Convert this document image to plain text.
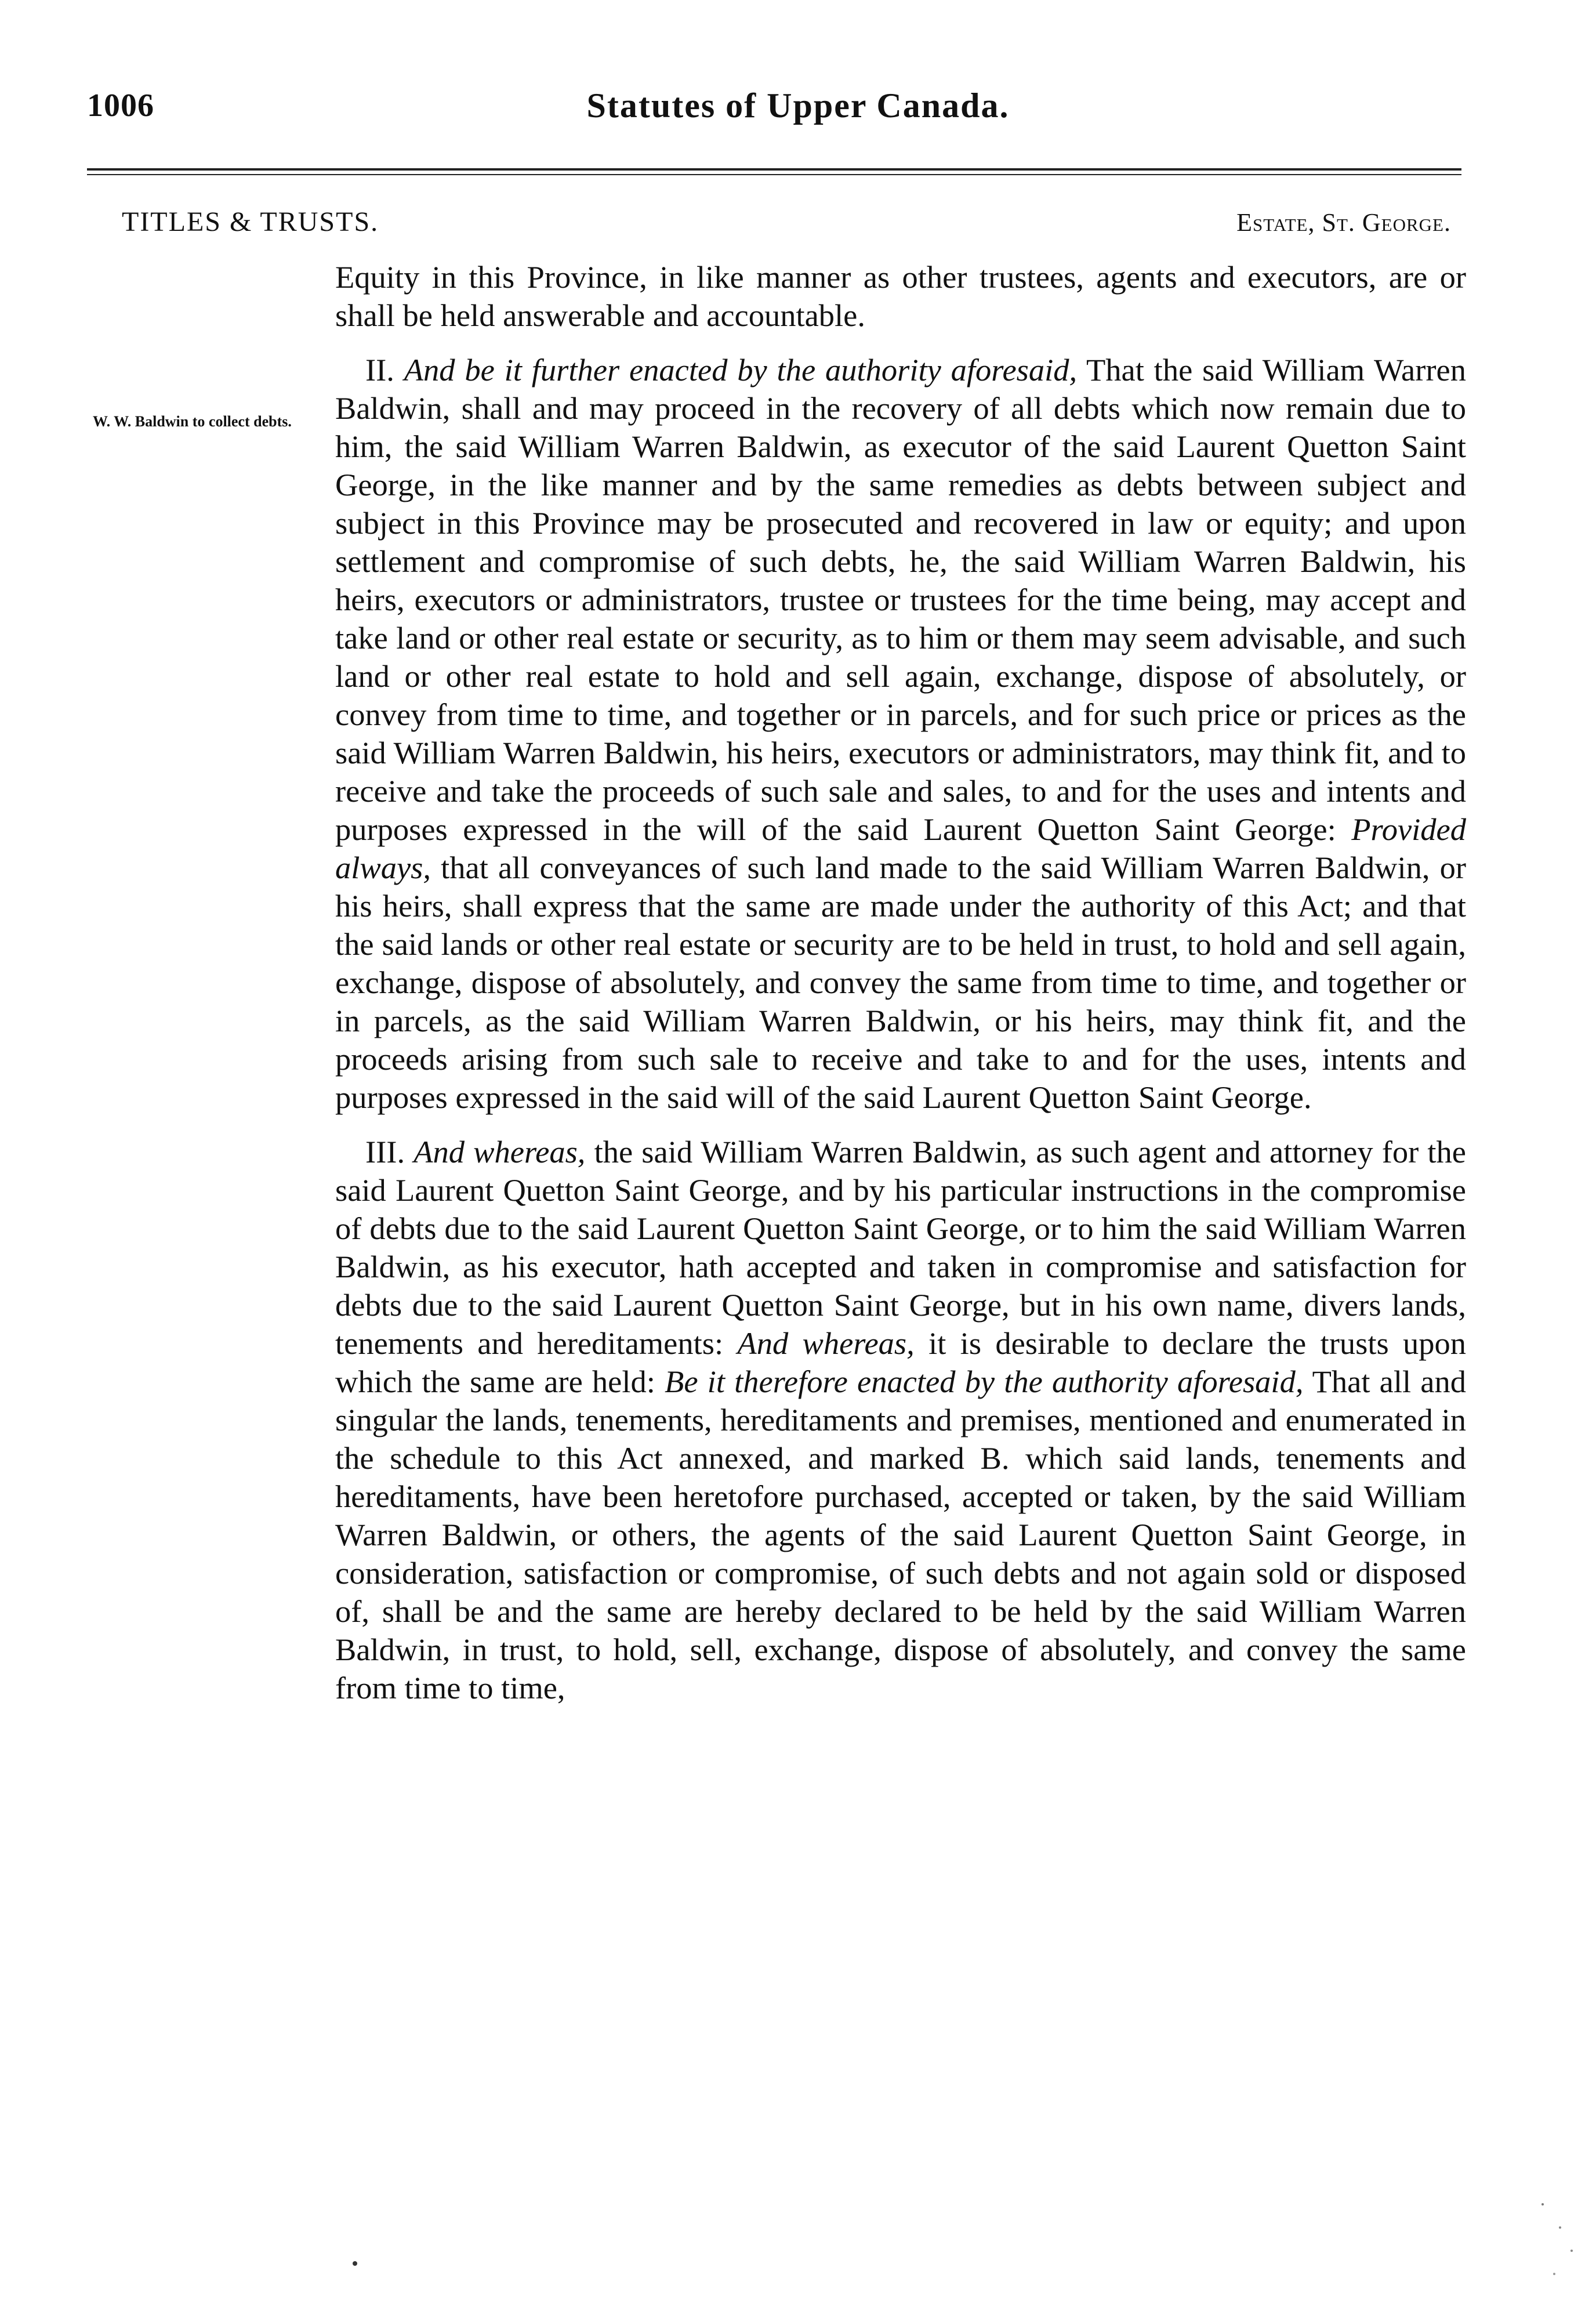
1006	Statutes of Upper Canada.
TITLES & TRUSTS.	Estate, St. George.
W. W. Baldwin to collect debts.

Equity in this Province, in like manner as other trustees, agents and executors, are or shall be held answerable and accountable.

II. And be it further enacted by the authority aforesaid, That the said William Warren Baldwin, shall and may proceed in the recovery of all debts which now remain due to him, the said William Warren Baldwin, as executor of the said Laurent Quetton Saint George, in the like manner and by the same remedies as debts between subject and subject in this Province may be prosecuted and recovered in law or equity; and upon settlement and compromise of such debts, he, the said William Warren Baldwin, his heirs, executors or administrators, trustee or trustees for the time being, may accept and take land or other real estate or security, as to him or them may seem advisable, and such land or other real estate to hold and sell again, exchange, dispose of absolutely, or convey from time to time, and together or in parcels, and for such price or prices as the said William Warren Baldwin, his heirs, executors or administrators, may think fit, and to receive and take the proceeds of such sale and sales, to and for the uses and intents and purposes expressed in the will of the said Laurent Quetton Saint George: Provided always, that all conveyances of such land made to the said William Warren Baldwin, or his heirs, shall express that the same are made under the authority of this Act; and that the said lands or other real estate or security are to be held in trust, to hold and sell again, exchange, dispose of absolutely, and convey the same from time to time, and together or in parcels, as the said William Warren Baldwin, or his heirs, may think fit, and the proceeds arising from such sale to receive and take to and for the uses, intents and purposes expressed in the said will of the said Laurent Quetton Saint George.

III. And whereas, the said William Warren Baldwin, as such agent and attorney for the said Laurent Quetton Saint George, and by his particular instructions in the compromise of debts due to the said Laurent Quetton Saint George, or to him the said William Warren Baldwin, as his executor, hath accepted and taken in compromise and satisfaction for debts due to the said Laurent Quetton Saint George, but in his own name, divers lands, tenements and hereditaments: And whereas, it is desirable to declare the trusts upon which the same are held: Be it therefore enacted by the authority aforesaid, That all and singular the lands, tenements, hereditaments and premises, mentioned and enumerated in the schedule to this Act annexed, and marked B. which said lands, tenements and hereditaments, have been heretofore purchased, accepted or taken, by the said William Warren Baldwin, or others, the agents of the said Laurent Quetton Saint George, in consideration, satisfaction or compromise, of such debts and not again sold or disposed of, shall be and the same are hereby declared to be held by the said William Warren Baldwin, in trust, to hold, sell, exchange, dispose of absolutely, and convey the same from time to time,
